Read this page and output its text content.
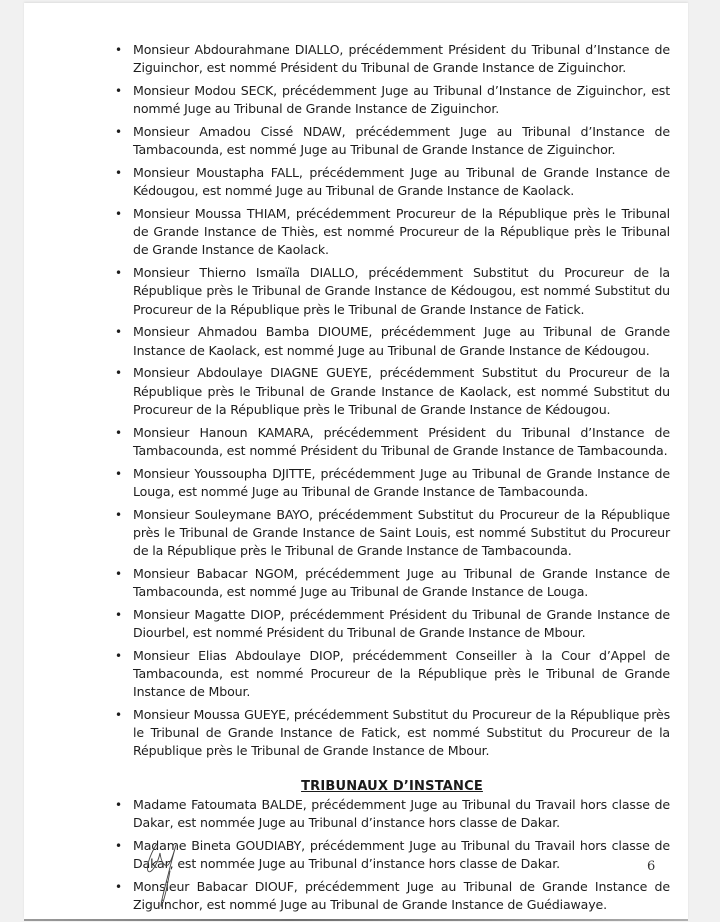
• Monsieur Abdourahmane DIALLO, précédemment Président du Tribunal d’Instance de Ziguinchor, est nommé Président du Tribunal de Grande Instance de Ziguinchor.
• Monsieur Modou SECK, précédemment Juge au Tribunal d’Instance de Ziguinchor, est nommé Juge au Tribunal de Grande Instance de Ziguinchor.
• Monsieur Amadou Cissé NDAW, précédemment Juge au Tribunal d’Instance de Tambacounda, est nommé Juge au Tribunal de Grande Instance de Ziguinchor.
• Monsieur Moustapha FALL, précédemment Juge au Tribunal de Grande Instance de Kédougou, est nommé Juge au Tribunal de Grande Instance de Kaolack.
• Monsieur Moussa THIAM, précédemment Procureur de la République près le Tribunal de Grande Instance de Thiès, est nommé Procureur de la République près le Tribunal de Grande Instance de Kaolack.
• Monsieur Thierno Ismaïla DIALLO, précédemment Substitut du Procureur de la République près le Tribunal de Grande Instance de Kédougou, est nommé Substitut du Procureur de la République près le Tribunal de Grande Instance de Fatick.
• Monsieur Ahmadou Bamba DIOUME, précédemment Juge au Tribunal de Grande Instance de Kaolack, est nommé Juge au Tribunal de Grande Instance de Kédougou.
• Monsieur Abdoulaye DIAGNE GUEYE, précédemment Substitut du Procureur de la République près le Tribunal de Grande Instance de Kaolack, est nommé Substitut du Procureur de la République près le Tribunal de Grande Instance de Kédougou.
• Monsieur Hanoun KAMARA, précédemment Président du Tribunal d’Instance de Tambacounda, est nommé Président du Tribunal de Grande Instance de Tambacounda.
• Monsieur Youssoupha DJITTE, précédemment Juge au Tribunal de Grande Instance de Louga, est nommé Juge au Tribunal de Grande Instance de Tambacounda.
• Monsieur Souleymane BAYO, précédemment Substitut du Procureur de la République près le Tribunal de Grande Instance de Saint Louis, est nommé Substitut du Procureur de la République près le Tribunal de Grande Instance de Tambacounda.
• Monsieur Babacar NGOM, précédemment Juge au Tribunal de Grande Instance de Tambacounda, est nommé Juge au Tribunal de Grande Instance de Louga.
• Monsieur Magatte DIOP, précédemment Président du Tribunal de Grande Instance de Diourbel, est nommé Président du Tribunal de Grande Instance de Mbour.
• Monsieur Elias Abdoulaye DIOP, précédemment Conseiller à la Cour d’Appel de Tambacounda, est nommé Procureur de la République près le Tribunal de Grande Instance de Mbour.
• Monsieur Moussa GUEYE, précédemment Substitut du Procureur de la République près le Tribunal de Grande Instance de Fatick, est nommé Substitut du Procureur de la République près le Tribunal de Grande Instance de Mbour.
TRIBUNAUX D’INSTANCE
• Madame Fatoumata BALDE, précédemment Juge au Tribunal du Travail hors classe de Dakar, est nommée Juge au Tribunal d’instance hors classe de Dakar.
• Madame Bineta GOUDIABY, précédemment Juge au Tribunal du Travail hors classe de Dakar, est nommée Juge au Tribunal d’instance hors classe de Dakar.
• Monsieur Babacar DIOUF, précédemment Juge au Tribunal de Grande Instance de Ziguinchor, est nommé Juge au Tribunal de Grande Instance de Guédiawaye.
6
